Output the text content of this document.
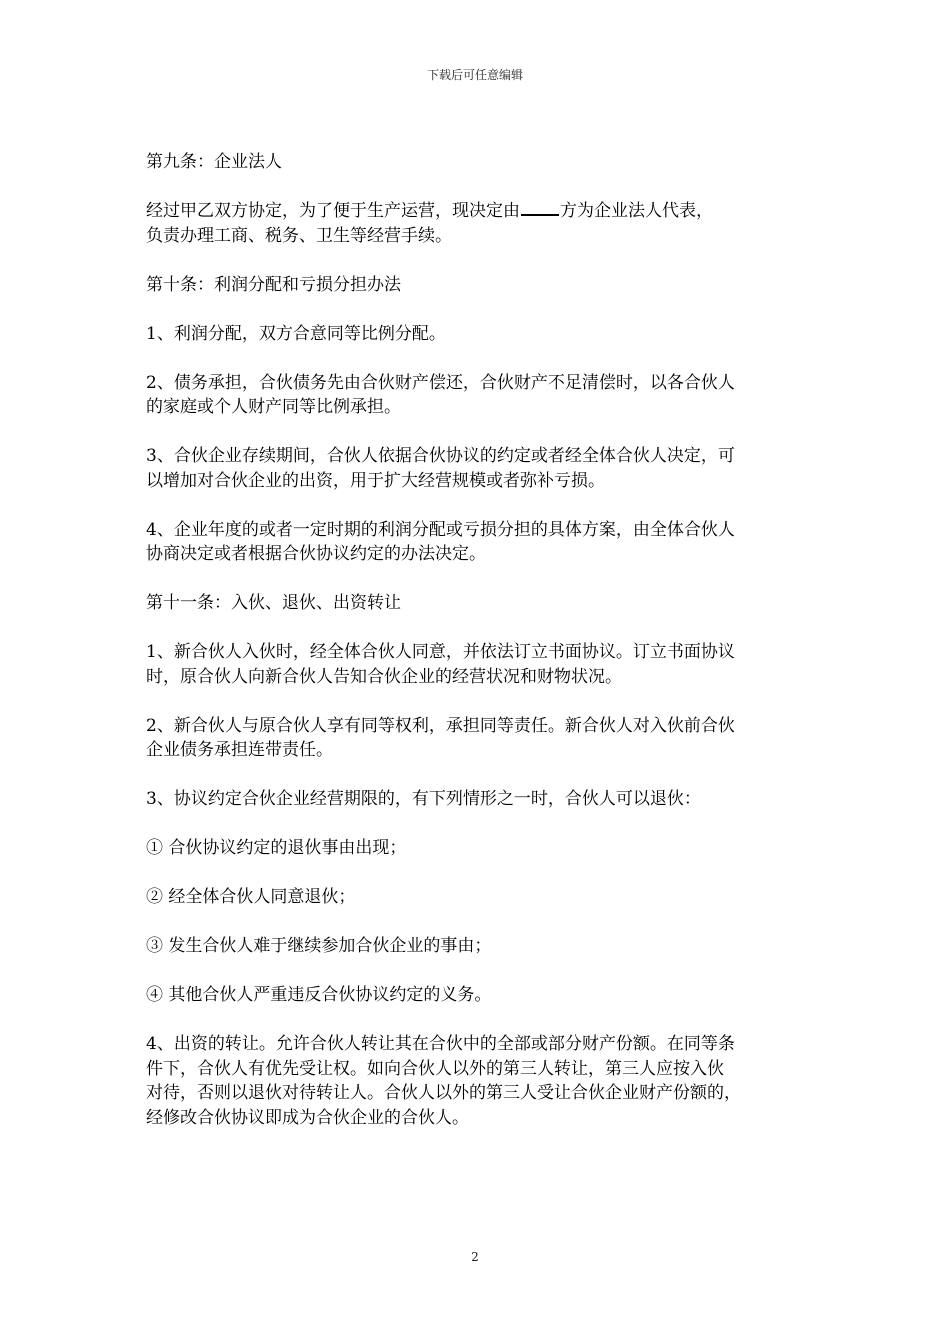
下载后可任意编辑

第九条：企业法人

经过甲乙双方协定，为了便于生产运营，现决定由 方为企业法人代表，
负责办理工商、税务、卫生等经营手续。

第十条：利润分配和亏损分担办法

1、利润分配，双方合意同等比例分配。

2、债务承担，合伙债务先由合伙财产偿还，合伙财产不足清偿时，以各合伙人
的家庭或个人财产同等比例承担。

3、合伙企业存续期间，合伙人依据合伙协议的约定或者经全体合伙人决定，可
以增加对合伙企业的出资，用于扩大经营规模或者弥补亏损。

4、企业年度的或者一定时期的利润分配或亏损分担的具体方案，由全体合伙人
协商决定或者根据合伙协议约定的办法决定。

第十一条：入伙、退伙、出资转让

1、新合伙人入伙时，经全体合伙人同意，并依法订立书面协议。订立书面协议
时，原合伙人向新合伙人告知合伙企业的经营状况和财物状况。

2、新合伙人与原合伙人享有同等权利，承担同等责任。新合伙人对入伙前合伙
企业债务承担连带责任。

3、协议约定合伙企业经营期限的，有下列情形之一时，合伙人可以退伙：

① 合伙协议约定的退伙事由出现；

② 经全体合伙人同意退伙；

③ 发生合伙人难于继续参加合伙企业的事由；

④ 其他合伙人严重违反合伙协议约定的义务。

4、出资的转让。允许合伙人转让其在合伙中的全部或部分财产份额。在同等条
件下，合伙人有优先受让权。如向合伙人以外的第三人转让，第三人应按入伙
对待，否则以退伙对待转让人。合伙人以外的第三人受让合伙企业财产份额的，
经修改合伙协议即成为合伙企业的合伙人。

2
